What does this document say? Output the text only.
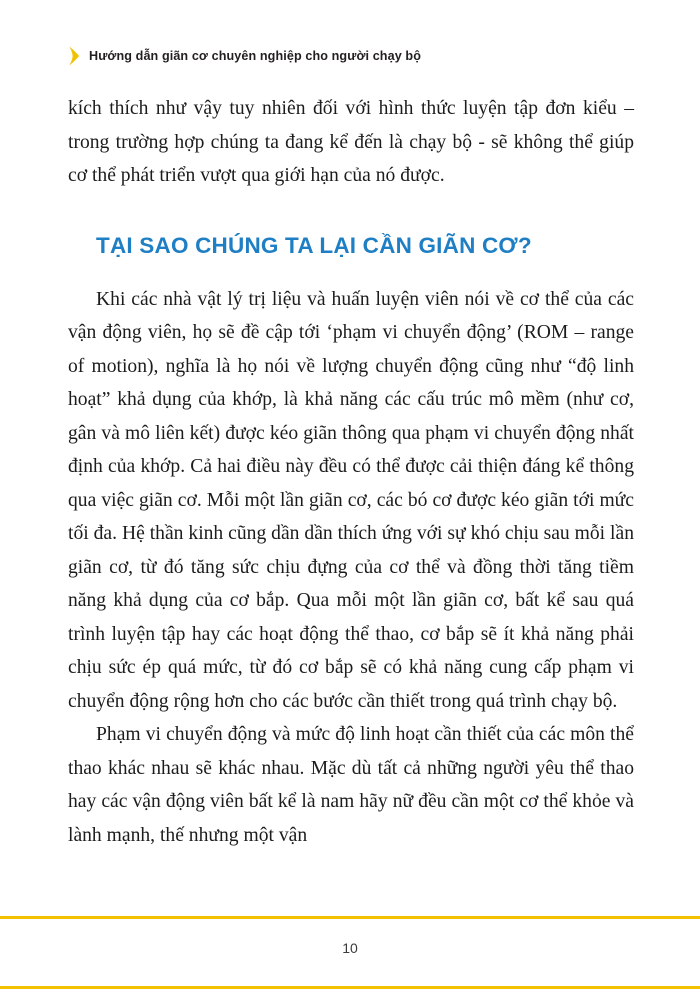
Hướng dẫn giãn cơ chuyên nghiệp cho người chạy bộ

kích thích như vậy tuy nhiên đối với hình thức luyện tập đơn kiểu – trong trường hợp chúng ta đang kể đến là chạy bộ - sẽ không thể giúp cơ thể phát triển vượt qua giới hạn của nó được.

TẠI SAO CHÚNG TA LẠI CẦN GIÃN CƠ?

Khi các nhà vật lý trị liệu và huấn luyện viên nói về cơ thể của các vận động viên, họ sẽ đề cập tới ‘phạm vi chuyển động’ (ROM – range of motion), nghĩa là họ nói về lượng chuyển động cũng như “độ linh hoạt” khả dụng của khớp, là khả năng các cấu trúc mô mềm (như cơ, gân và mô liên kết) được kéo giãn thông qua phạm vi chuyển động nhất định của khớp. Cả hai điều này đều có thể được cải thiện đáng kể thông qua việc giãn cơ. Mỗi một lần giãn cơ, các bó cơ được kéo giãn tới mức tối đa. Hệ thần kinh cũng dần dần thích ứng với sự khó chịu sau mỗi lần giãn cơ, từ đó tăng sức chịu đựng của cơ thể và đồng thời tăng tiềm năng khả dụng của cơ bắp. Qua mỗi một lần giãn cơ, bất kể sau quá trình luyện tập hay các hoạt động thể thao, cơ bắp sẽ ít khả năng phải chịu sức ép quá mức, từ đó cơ bắp sẽ có khả năng cung cấp phạm vi chuyển động rộng hơn cho các bước cần thiết trong quá trình chạy bộ.

Phạm vi chuyển động và mức độ linh hoạt cần thiết của các môn thể thao khác nhau sẽ khác nhau. Mặc dù tất cả những người yêu thể thao hay các vận động viên bất kể là nam hãy nữ đều cần một cơ thể khỏe và lành mạnh, thế nhưng một vận

10
